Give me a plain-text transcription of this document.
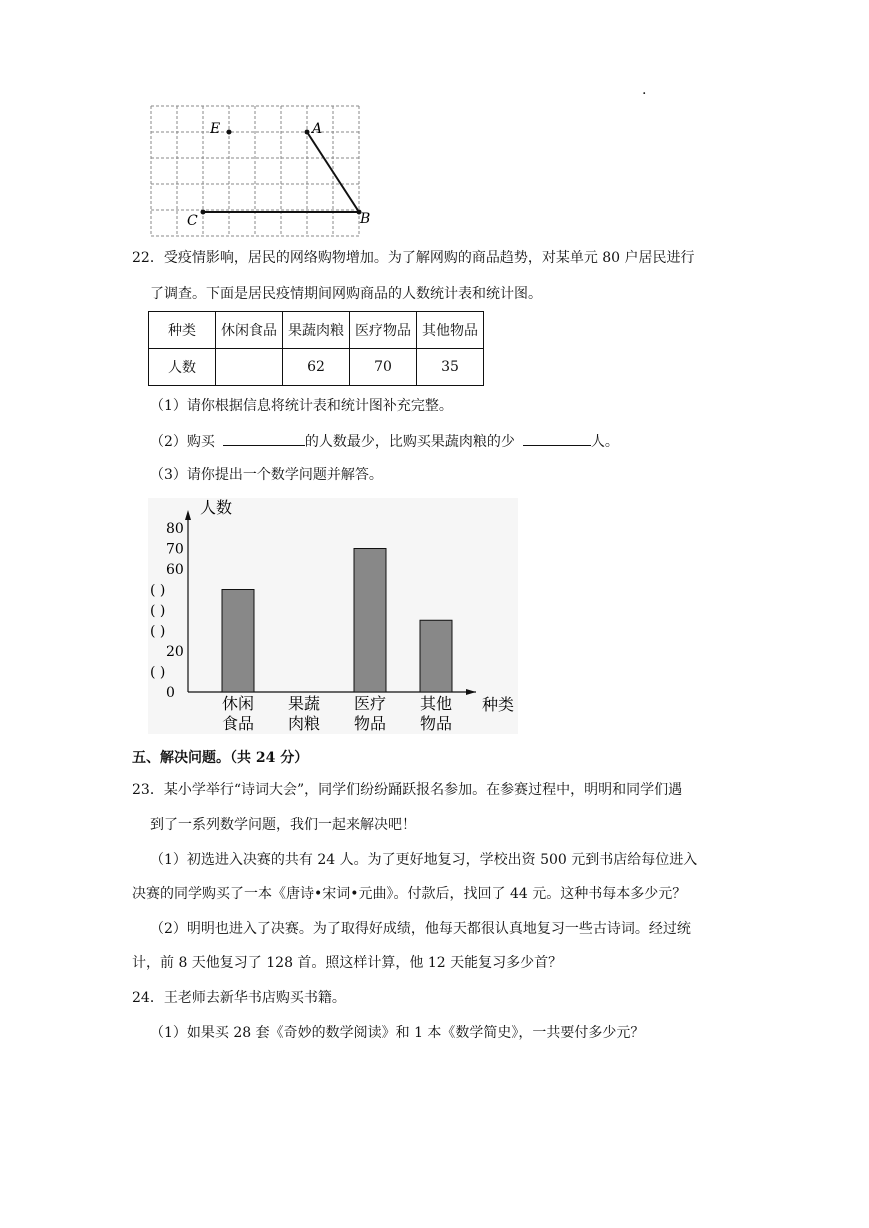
.
E	A
C	B
22．受疫情影响，居民的网络购物增加。为了解网购的商品趋势，对某单元 80 户居民进行
了调查。下面是居民疫情期间网购商品的人数统计表和统计图。
种类	休闲食品	果蔬肉粮	医疗物品	其他物品
人数		62	70	35
（1）请你根据信息将统计表和统计图补充完整。
（2）购买	的人数最少，比购买果蔬肉粮的少	人。
（3）请你提出一个数学问题并解答。
人数
种类
0
( )
20
( )
( )
( )
60
70
80
休闲
食品
果蔬
肉粮
医疗
物品
其他
物品
五、解决问题。（共 24 分）
23．某小学举行“诗词大会”，同学们纷纷踊跃报名参加。在参赛过程中，明明和同学们遇
到了一系列数学问题，我们一起来解决吧！
（1）初选进入决赛的共有 24 人。为了更好地复习，学校出资 500 元到书店给每位进入
决赛的同学购买了一本《唐诗•宋词•元曲》。付款后，找回了 44 元。这种书每本多少元？
（2）明明也进入了决赛。为了取得好成绩，他每天都很认真地复习一些古诗词。经过统
计，前 8 天他复习了 128 首。照这样计算，他 12 天能复习多少首？
24．王老师去新华书店购买书籍。
（1）如果买 28 套《奇妙的数学阅读》和 1 本《数学简史》，一共要付多少元？
